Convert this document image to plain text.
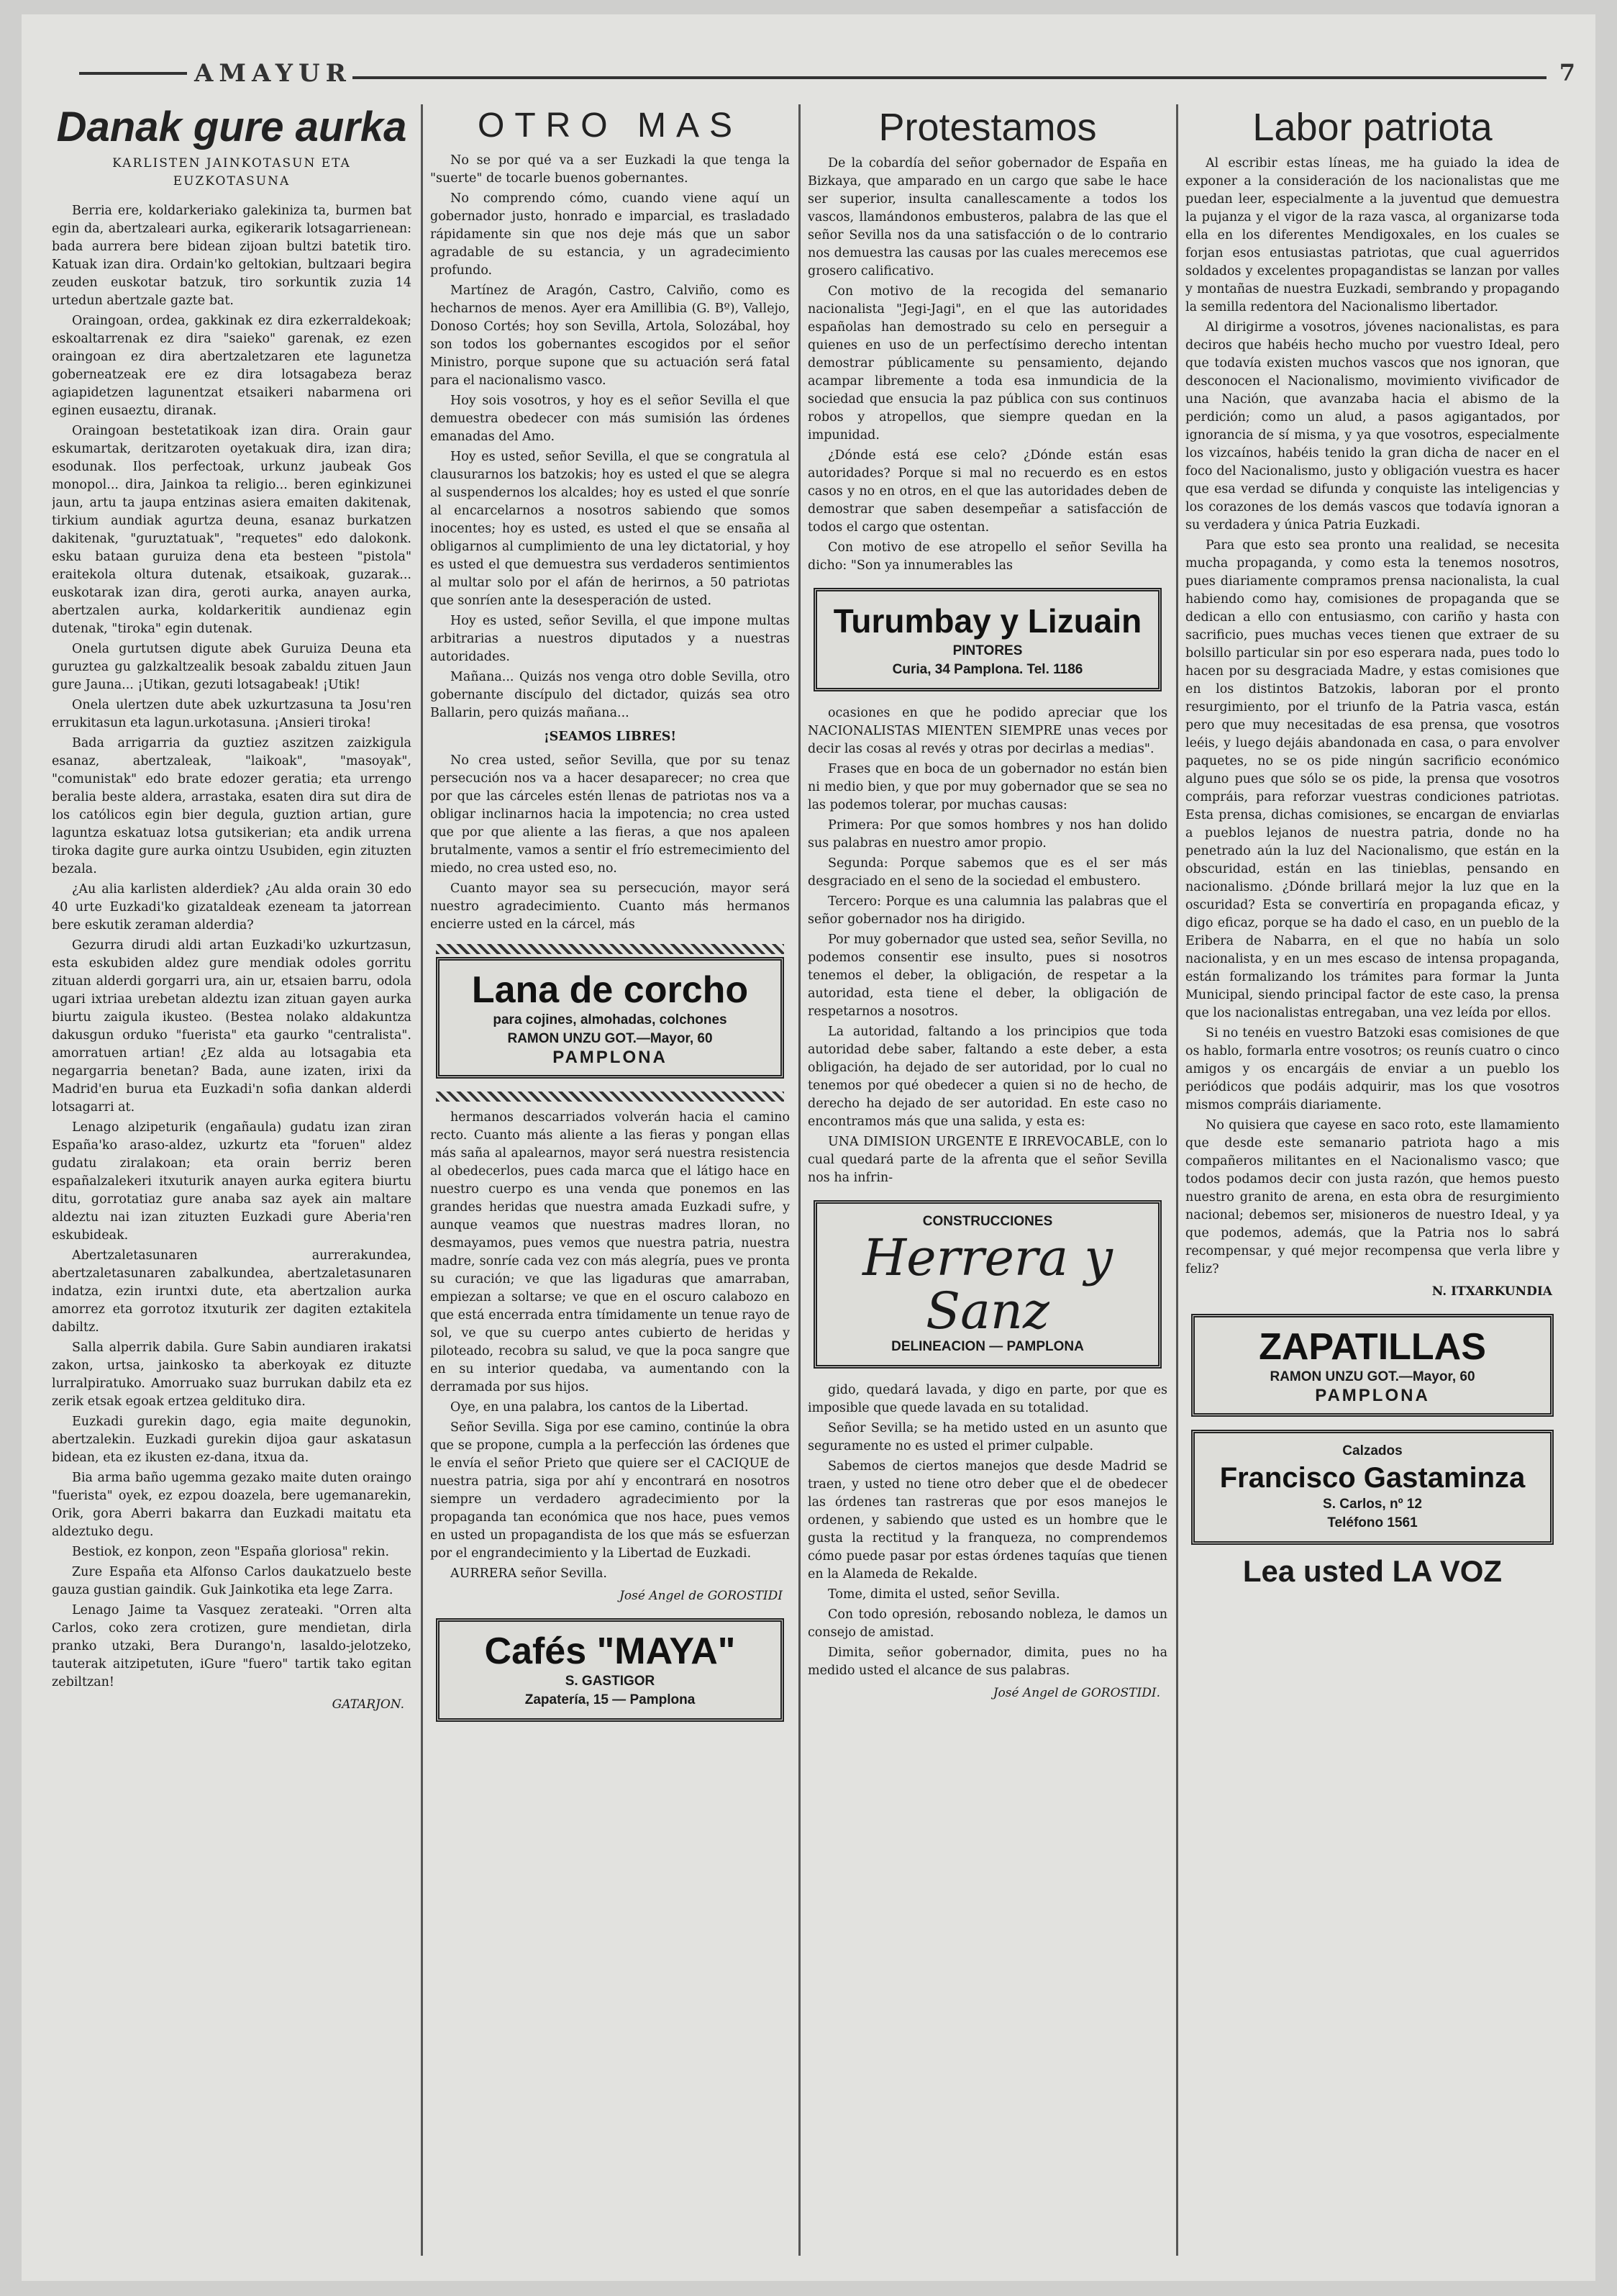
AMAYUR	7
Danak gure aurka
KARLISTEN JAINKOTASUN ETA EUZKOTASUNA

Berria ere, koldarkeriako galekiniza ta, burmen bat egin da, abertzaleari aurka, egikerarik lotsagarrienean: bada aurrera bere bidean zijoan bultzi batetik tiro. Katuak izan dira. Ordain'ko geltokian, bultzaari begira zeuden euskotar batzuk, tiro sorkuntik zuzia 14 urtedun abertzale gazte bat.

Oraingoan, ordea, gakkinak ez dira ezkerraldekoak; eskoaltarrenak ez dira "saieko" garenak, ez ezen oraingoan ez dira abertzaletzaren ete lagunetza goberneatzeak ere ez dira lotsagabeza beraz agiapidetzen lagunentzat etsaikeri nabarmena ori eginen eusaeztu, diranak.

Oraingoan bestetatikoak izan dira. Orain gaur eskumartak, deritzaroten oyetakuak dira, izan dira; esodunak. Ilos perfectoak, urkunz jaubeak Gos monopol... dira, Jainkoa ta religio... beren eginkizunei jaun, artu ta jaupa entzinas asiera emaiten dakitenak, tirkium aundiak agurtza deuna, esanaz burkatzen dakitenak, "guruztatuak", "requetes" edo dalokonk. esku bataan guruiza dena eta besteen "pistola" eraitekola oltura dutenak, etsaikoak, guzarak... euskotarak izan dira, geroti aurka, anayen aurka, abertzalen aurka, koldarkeritik aundienaz egin dutenak, "tiroka" egin dutenak.

Onela gurtutsen digute abek Guruiza Deuna eta guruztea gu galzkaltzealik besoak zabaldu zituen Jaun gure Jauna... ¡Utikan, gezuti lotsagabeak! ¡Utik!

Onela ulertzen dute abek uzkurtzasuna ta Josu'ren errukitasun eta lagun.urkotasuna. ¡Ansieri tiroka!

Bada arrigarria da guztiez aszitzen zaizkigula esanaz, abertzaleak, "laikoak", "masoyak", "comunistak" edo brate edozer geratia; eta urrengo beralia beste aldera, arrastaka, esaten dira sut dira de los católicos egin bier degula, guztion artian, gure laguntza eskatuaz lotsa gutsikerian; eta andik urrena tiroka dagite gure aurka ointzu Usubiden, egin zituzten bezala.

¿Au alia karlisten alderdiek? ¿Au alda orain 30 edo 40 urte Euzkadi'ko gizataldeak ezeneam ta jatorrean bere eskutik zeraman alderdia?

Gezurra dirudi aldi artan Euzkadi'ko uzkurtzasun, esta eskubiden aldez gure mendiak odoles gorritu zituan alderdi gorgarri ura, ain ur, etsaien barru, odola ugari ixtriaa urebetan aldeztu izan zituan gayen aurka biurtu zaigula ikusteo. (Bestea nolako aldakuntza dakusgun orduko "fuerista" eta gaurko "centralista". amorratuen artian! ¿Ez alda au lotsagabia eta negargarria benetan? Bada, aune izaten, irixi da Madrid'en burua eta Euzkadi'n sofia dankan alderdi lotsagarri at.

Lenago alzipeturik (engañaula) gudatu izan ziran España'ko araso-aldez, uzkurtz eta "foruen" aldez gudatu ziralakoan; eta orain berriz beren españalzalekeri itxuturik anayen aurka egitera biurtu ditu, gorrotatiaz gure anaba saz ayek ain maltare aldeztu nai izan zituzten Euzkadi gure Aberia'ren eskubideak.

Abertzaletasunaren aurrerakundea, abertzaletasunaren zabalkundea, abertzaletasunaren indatza, ezin iruntxi dute, eta abertzalion aurka amorrez eta gorrotoz itxuturik zer dagiten eztakitela dabiltz.

Salla alperrik dabila. Gure Sabin aundiaren irakatsi zakon, urtsa, jainkosko ta aberkoyak ez dituzte lurralpiratuko. Amorruako suaz burrukan dabilz eta ez zerik etsak egoak ertzea geldituko dira.

Euzkadi gurekin dago, egia maite degunokin, abertzalekin. Euzkadi gurekin dijoa gaur askatasun bidean, eta ez ikusten ez-dana, itxua da.

Bia arma baño ugemma gezako maite duten oraingo "fuerista" oyek, ez ezpou doazela, bere ugemanarekin, Orik, gora Aberri bakarra dan Euzkadi maitatu eta aldeztuko degu.

Bestiok, ez konpon, zeon "España gloriosa" rekin.

Zure España eta Alfonso Carlos daukatzuelo beste gauza gustian gaindik. Guk Jainkotika eta lege Zarra.

Lenago Jaime ta Vasquez zerateaki. "Orren alta Carlos, coko zera crotizen, gure mendietan, dirla pranko utzaki, Bera Durango'n, lasaldo-jelotzeko, tauterak aitzipetuten, iGure "fuero" tartik tako egitan zebiltzan!

GATARJON.
OTRO MAS

No se por qué va a ser Euzkadi la que tenga la "suerte" de tocarle buenos gobernantes.

No comprendo cómo, cuando viene aquí un gobernador justo, honrado e imparcial, es trasladado rápidamente sin que nos deje más que un sabor agradable de su estancia, y un agradecimiento profundo.

Martínez de Aragón, Castro, Calviño, como es hecharnos de menos. Ayer era Amillibia (G. Bº), Vallejo, Donoso Cortés; hoy son Sevilla, Artola, Solozábal, hoy son todos los gobernantes escogidos por el señor Ministro, porque supone que su actuación será fatal para el nacionalismo vasco.

Hoy sois vosotros, y hoy es el señor Sevilla el que demuestra obedecer con más sumisión las órdenes emanadas del Amo.

Hoy es usted, señor Sevilla, el que se congratula al clausurarnos los batzokis; hoy es usted el que se alegra al suspendernos los alcaldes; hoy es usted el que sonríe al encarcelarnos a nosotros sabiendo que somos inocentes; hoy es usted, es usted el que se ensaña al obligarnos al cumplimiento de una ley dictatorial, y hoy es usted el que demuestra sus verdaderos sentimientos al multar solo por el afán de herirnos, a 50 patriotas que sonríen ante la desesperación de usted.

Hoy es usted, señor Sevilla, el que impone multas arbitrarias a nuestros diputados y a nuestras autoridades.

Mañana... Quizás nos venga otro doble Sevilla, otro gobernante discípulo del dictador, quizás sea otro Ballarin, pero quizás mañana...

¡SEAMOS LIBRES!

No crea usted, señor Sevilla, que por su tenaz persecución nos va a hacer desaparecer; no crea que por que las cárceles estén llenas de patriotas nos va a obligar inclinarnos hacia la impotencia; no crea usted que por que aliente a las fieras, a que nos apaleen brutalmente, vamos a sentir el frío estremecimiento del miedo, no crea usted eso, no.

Cuanto mayor sea su persecución, mayor será nuestro agradecimiento. Cuanto más hermanos encierre usted en la cárcel, más

Lana de corcho
para cojines, almohadas, colchones
RAMON UNZU GOT.—Mayor, 60
PAMPLONA

hermanos descarriados volverán hacia el camino recto. Cuanto más aliente a las fieras y pongan ellas más saña al apalearnos, mayor será nuestra resistencia al obedecerlos, pues cada marca que el látigo hace en nuestro cuerpo es una venda que ponemos en las grandes heridas que nuestra amada Euzkadi sufre, y aunque veamos que nuestras madres lloran, no desmayamos, pues vemos que nuestra patria, nuestra madre, sonríe cada vez con más alegría, pues ve pronta su curación; ve que las ligaduras que amarraban, empiezan a soltarse; ve que en el oscuro calabozo en que está encerrada entra tímidamente un tenue rayo de sol, ve que su cuerpo antes cubierto de heridas y piloteado, recobra su salud, ve que la poca sangre que en su interior quedaba, va aumentando con la derramada por sus hijos.

Oye, en una palabra, los cantos de la Libertad.

Señor Sevilla. Siga por ese camino, continúe la obra que se propone, cumpla a la perfección las órdenes que le envía el señor Prieto que quiere ser el CACIQUE de nuestra patria, siga por ahí y encontrará en nosotros siempre un verdadero agradecimiento por la propaganda tan económica que nos hace, pues vemos en usted un propagandista de los que más se esfuerzan por el engrandecimiento y la Libertad de Euzkadi.

AURRERA señor Sevilla.

José Angel de GOROSTIDI
Cafés "MAYA"
S. GASTIGOR
Zapatería, 15 — Pamplona
Protestamos

De la cobardía del señor gobernador de España en Bizkaya, que amparado en un cargo que sabe le hace ser superior, insulta canallescamente a todos los vascos, llamándonos embusteros, palabra de las que el señor Sevilla nos da una satisfacción o de lo contrario nos demuestra las causas por las cuales merecemos ese grosero calificativo.

Con motivo de la recogida del semanario nacionalista "Jegi-Jagi", en el que las autoridades españolas han demostrado su celo en perseguir a quienes en uso de un perfectísimo derecho intentan demostrar públicamente su pensamiento, dejando acampar libremente a toda esa inmundicia de la sociedad que ensucia la paz pública con sus continuos robos y atropellos, que siempre quedan en la impunidad.

¿Dónde está ese celo? ¿Dónde están esas autoridades? Porque si mal no recuerdo es en estos casos y no en otros, en el que las autoridades deben de demostrar que saben desempeñar a satisfacción de todos el cargo que ostentan.

Con motivo de ese atropello el señor Sevilla ha dicho: "Son ya innumerables las

Turumbay y Lizuain
PINTORES
Curia, 34 Pamplona. Tel. 1186

ocasiones en que he podido apreciar que los NACIONALISTAS MIENTEN SIEMPRE unas veces por decir las cosas al revés y otras por decirlas a medias".

Frases que en boca de un gobernador no están bien ni medio bien, y que por muy gobernador que se sea no las podemos tolerar, por muchas causas:

Primera: Por que somos hombres y nos han dolido sus palabras en nuestro amor propio.

Segunda: Porque sabemos que es el ser más desgraciado en el seno de la sociedad el embustero.

Tercero: Porque es una calumnia las palabras que el señor gobernador nos ha dirigido.

Por muy gobernador que usted sea, señor Sevilla, no podemos consentir ese insulto, pues si nosotros tenemos el deber, la obligación, de respetar a la autoridad, esta tiene el deber, la obligación de respetarnos a nosotros.

La autoridad, faltando a los principios que toda autoridad debe saber, faltando a este deber, a esta obligación, ha dejado de ser autoridad, por lo cual no tenemos por qué obedecer a quien si no de hecho, de derecho ha dejado de ser autoridad. En este caso no encontramos más que una salida, y esta es:

UNA DIMISION URGENTE E IRREVOCABLE, con lo cual quedará parte de la afrenta que el señor Sevilla nos ha infrin-

CONSTRUCCIONES
Herrera y Sanz
DELINEACION — PAMPLONA

gido, quedará lavada, y digo en parte, por que es imposible que quede lavada en su totalidad.

Señor Sevilla; se ha metido usted en un asunto que seguramente no es usted el primer culpable.

Sabemos de ciertos manejos que desde Madrid se traen, y usted no tiene otro deber que el de obedecer las órdenes tan rastreras que por esos manejos le ordenen, y sabiendo que usted es un hombre que le gusta la rectitud y la franqueza, no comprendemos cómo puede pasar por estas órdenes taquías que tienen en la Alameda de Rekalde.

Tome, dimita el usted, señor Sevilla.

Con todo opresión, rebosando nobleza, le damos un consejo de amistad.

Dimita, señor gobernador, dimita, pues no ha medido usted el alcance de sus palabras.

José Angel de GOROSTIDI.
Labor patriota

Al escribir estas líneas, me ha guiado la idea de exponer a la consideración de los nacionalistas que me puedan leer, especialmente a la juventud que demuestra la pujanza y el vigor de la raza vasca, al organizarse toda ella en los diferentes Mendigoxales, en los cuales se forjan esos entusiastas patriotas, que cual aguerridos soldados y excelentes propagandistas se lanzan por valles y montañas de nuestra Euzkadi, sembrando y propagando la semilla redentora del Nacionalismo libertador.

Al dirigirme a vosotros, jóvenes nacionalistas, es para deciros que habéis hecho mucho por vuestro Ideal, pero que todavía existen muchos vascos que nos ignoran, que desconocen el Nacionalismo, movimiento vivificador de una Nación, que avanzaba hacia el abismo de la perdición; como un alud, a pasos agigantados, por ignorancia de sí misma, y ya que vosotros, especialmente los vizcaínos, habéis tenido la gran dicha de nacer en el foco del Nacionalismo, justo y obligación vuestra es hacer que esa verdad se difunda y conquiste las inteligencias y los corazones de los demás vascos que todavía ignoran a su verdadera y única Patria Euzkadi.

Para que esto sea pronto una realidad, se necesita mucha propaganda, y como esta la tenemos nosotros, pues diariamente compramos prensa nacionalista, la cual habiendo como hay, comisiones de propaganda que se dedican a ello con entusiasmo, con cariño y hasta con sacrificio, pues muchas veces tienen que extraer de su bolsillo particular sin por eso esperara nada, pues todo lo hacen por su desgraciada Madre, y estas comisiones que en los distintos Batzokis, laboran por el pronto resurgimiento, por el triunfo de la Patria vasca, están pero que muy necesitadas de esa prensa, que vosotros leéis, y luego dejáis abandonada en casa, o para envolver paquetes, no se os pide ningún sacrificio económico alguno pues que sólo se os pide, la prensa que vosotros compráis, para reforzar vuestras condiciones patriotas. Esta prensa, dichas comisiones, se encargan de enviarlas a pueblos lejanos de nuestra patria, donde no ha penetrado aún la luz del Nacionalismo, que están en la obscuridad, están en las tinieblas, pensando en nacionalismo. ¿Dónde brillará mejor la luz que en la oscuridad? Esta se convertiría en propaganda eficaz, y digo eficaz, porque se ha dado el caso, en un pueblo de la Eribera de Nabarra, en el que no había un solo nacionalista, y en un mes escaso de intensa propaganda, están formalizando los trámites para formar la Junta Municipal, siendo principal factor de este caso, la prensa que los nacionalistas entregaban, una vez leída por ellos.

Si no tenéis en vuestro Batzoki esas comisiones de que os hablo, formarla entre vosotros; os reunís cuatro o cinco amigos y os encargáis de enviar a un pueblo los periódicos que podáis adquirir, mas los que vosotros mismos compráis diariamente.

No quisiera que cayese en saco roto, este llamamiento que desde este semanario patriota hago a mis compañeros militantes en el Nacionalismo vasco; que todos podamos decir con justa razón, que hemos puesto nuestro granito de arena, en esta obra de resurgimiento nacional; debemos ser, misioneros de nuestro Ideal, y ya que podemos, además, que la Patria nos lo sabrá recompensar, y qué mejor recompensa que verla libre y feliz?

N. ITXARKUNDIA
ZAPATILLAS
RAMON UNZU GOT.—Mayor, 60
PAMPLONA
Calzados
Francisco Gastaminza
S. Carlos, nº 12
Teléfono 1561
Lea usted LA VOZ
